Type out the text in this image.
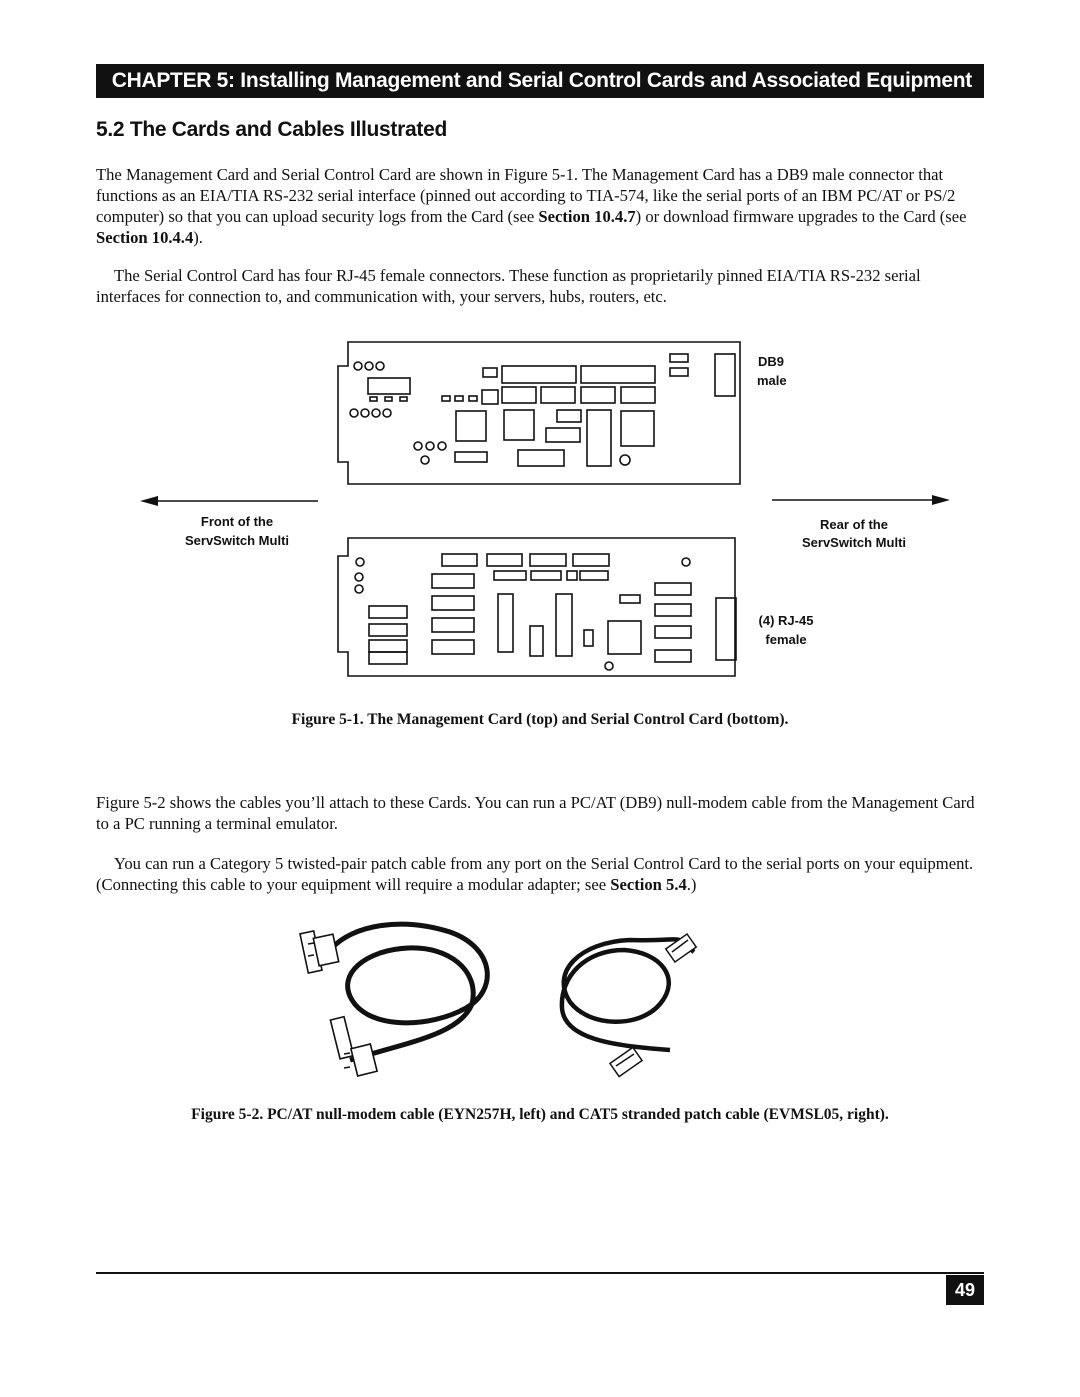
CHAPTER 5: Installing Management and Serial Control Cards and Associated Equipment
5.2 The Cards and Cables Illustrated

The Management Card and Serial Control Card are shown in Figure 5-1. The Management Card has a DB9 male connector that functions as an EIA/TIA RS-232 serial interface (pinned out according to TIA-574, like the serial ports of an IBM PC/AT or PS/2 computer) so that you can upload security logs from the Card (see Section 10.4.7) or download firmware upgrades to the Card (see Section 10.4.4).

The Serial Control Card has four RJ-45 female connectors. These function as proprietarily pinned EIA/TIA RS-232 serial interfaces for connection to, and communication with, your servers, hubs, routers, etc.

DB9
male
Front of the
ServSwitch Multi
Rear of the
ServSwitch Multi
(4) RJ-45
female
Figure 5-1. The Management Card (top) and Serial Control Card (bottom).

Figure 5-2 shows the cables you’ll attach to these Cards. You can run a PC/AT (DB9) null-modem cable from the Management Card to a PC running a terminal emulator.

You can run a Category 5 twisted-pair patch cable from any port on the Serial Control Card to the serial ports on your equipment. (Connecting this cable to your equipment will require a modular adapter; see Section 5.4.)

Figure 5-2. PC/AT null-modem cable (EYN257H, left) and CAT5 stranded patch cable (EVMSL05, right).
49
